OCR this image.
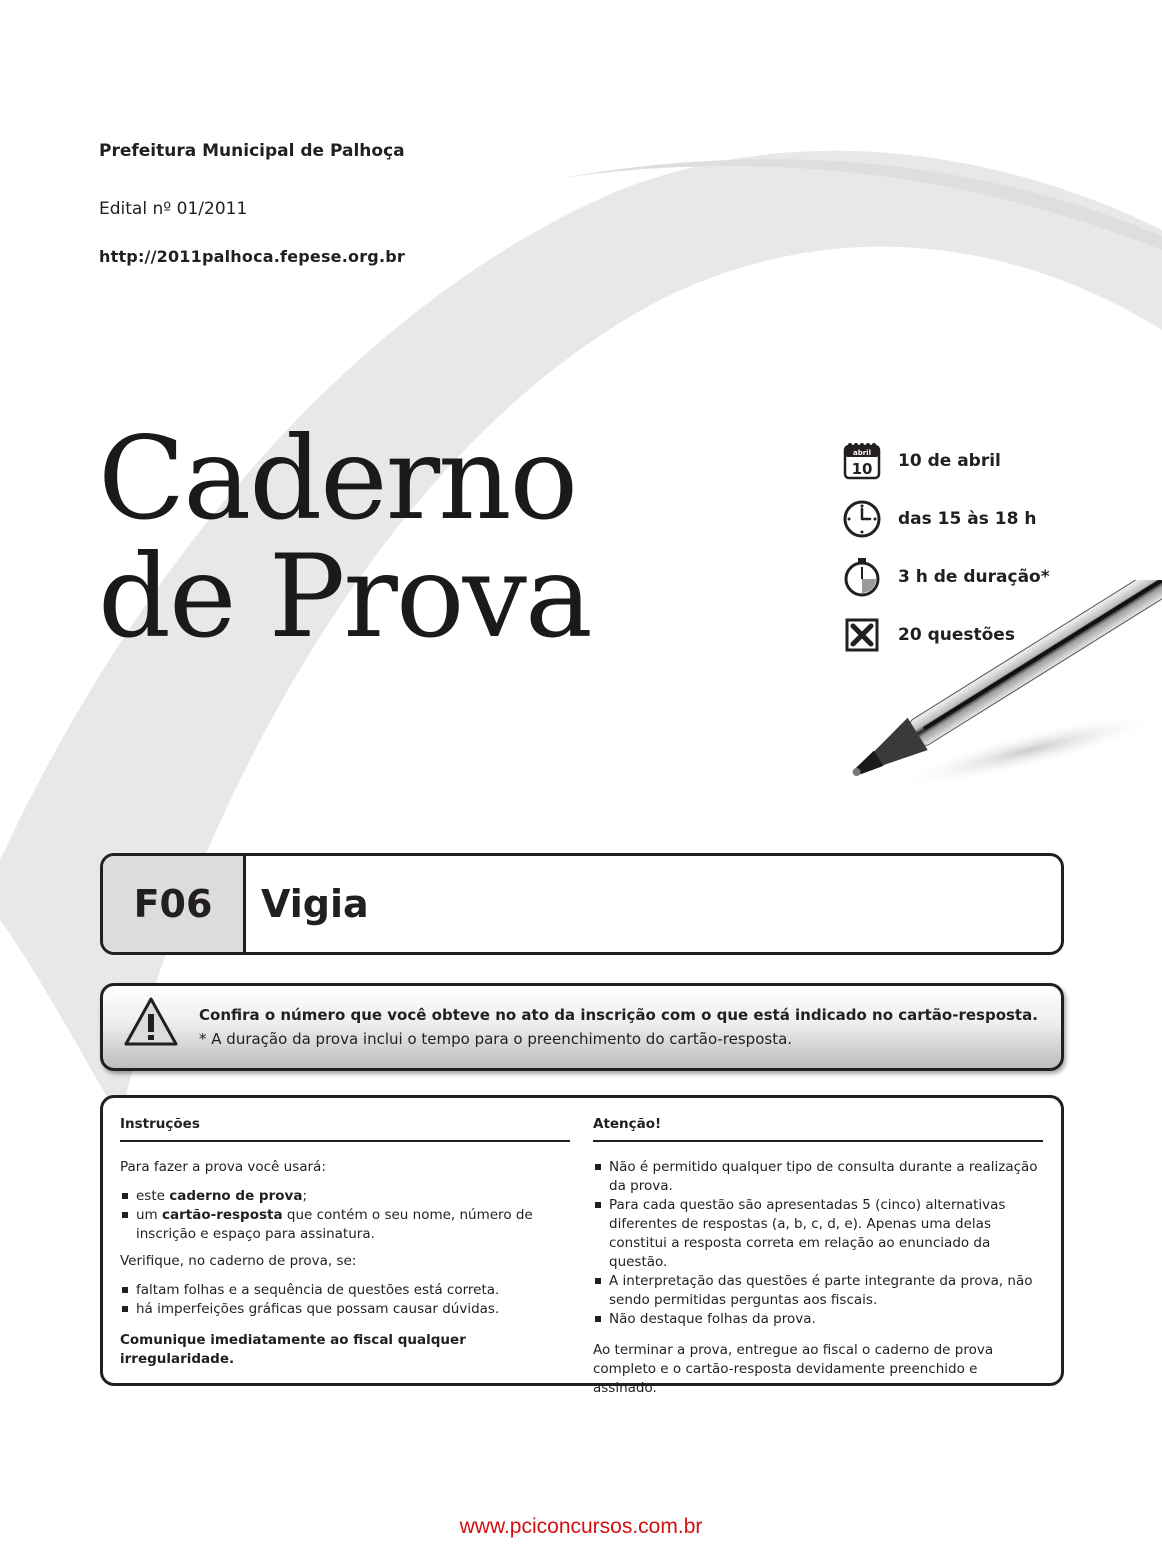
Prefeitura Municipal de Palhoça
Edital nº 01/2011
http://2011palhoca.fepese.org.br
Caderno
de Prova
abril
10 10 de abril
das 15 às 18 h
3 h de duração*
20 questões
F06	Vigia
Confira o número que você obteve no ato da inscrição com o que está indicado no cartão-resposta.
* A duração da prova inclui o tempo para o preenchimento do cartão-resposta.
Instruções

Para fazer a prova você usará:

este caderno de prova;
um cartão-resposta que contém o seu nome, número de inscrição e espaço para assinatura.

Verifique, no caderno de prova, se:

faltam folhas e a sequência de questões está correta.
há imperfeições gráficas que possam causar dúvidas.

Comunique imediatamente ao fiscal qualquer irregularidade.

Atenção!
Não é permitido qualquer tipo de consulta durante a realização da prova.
Para cada questão são apresentadas 5 (cinco) alternativas diferentes de respostas (a, b, c, d, e). Apenas uma delas constitui a resposta correta em relação ao enunciado da questão.
A interpretação das questões é parte integrante da prova, não sendo permitidas perguntas aos fiscais.
Não destaque folhas da prova.

Ao terminar a prova, entregue ao fiscal o caderno de prova completo e o cartão-resposta devidamente preenchido e assinado.

www.pciconcursos.com.br
